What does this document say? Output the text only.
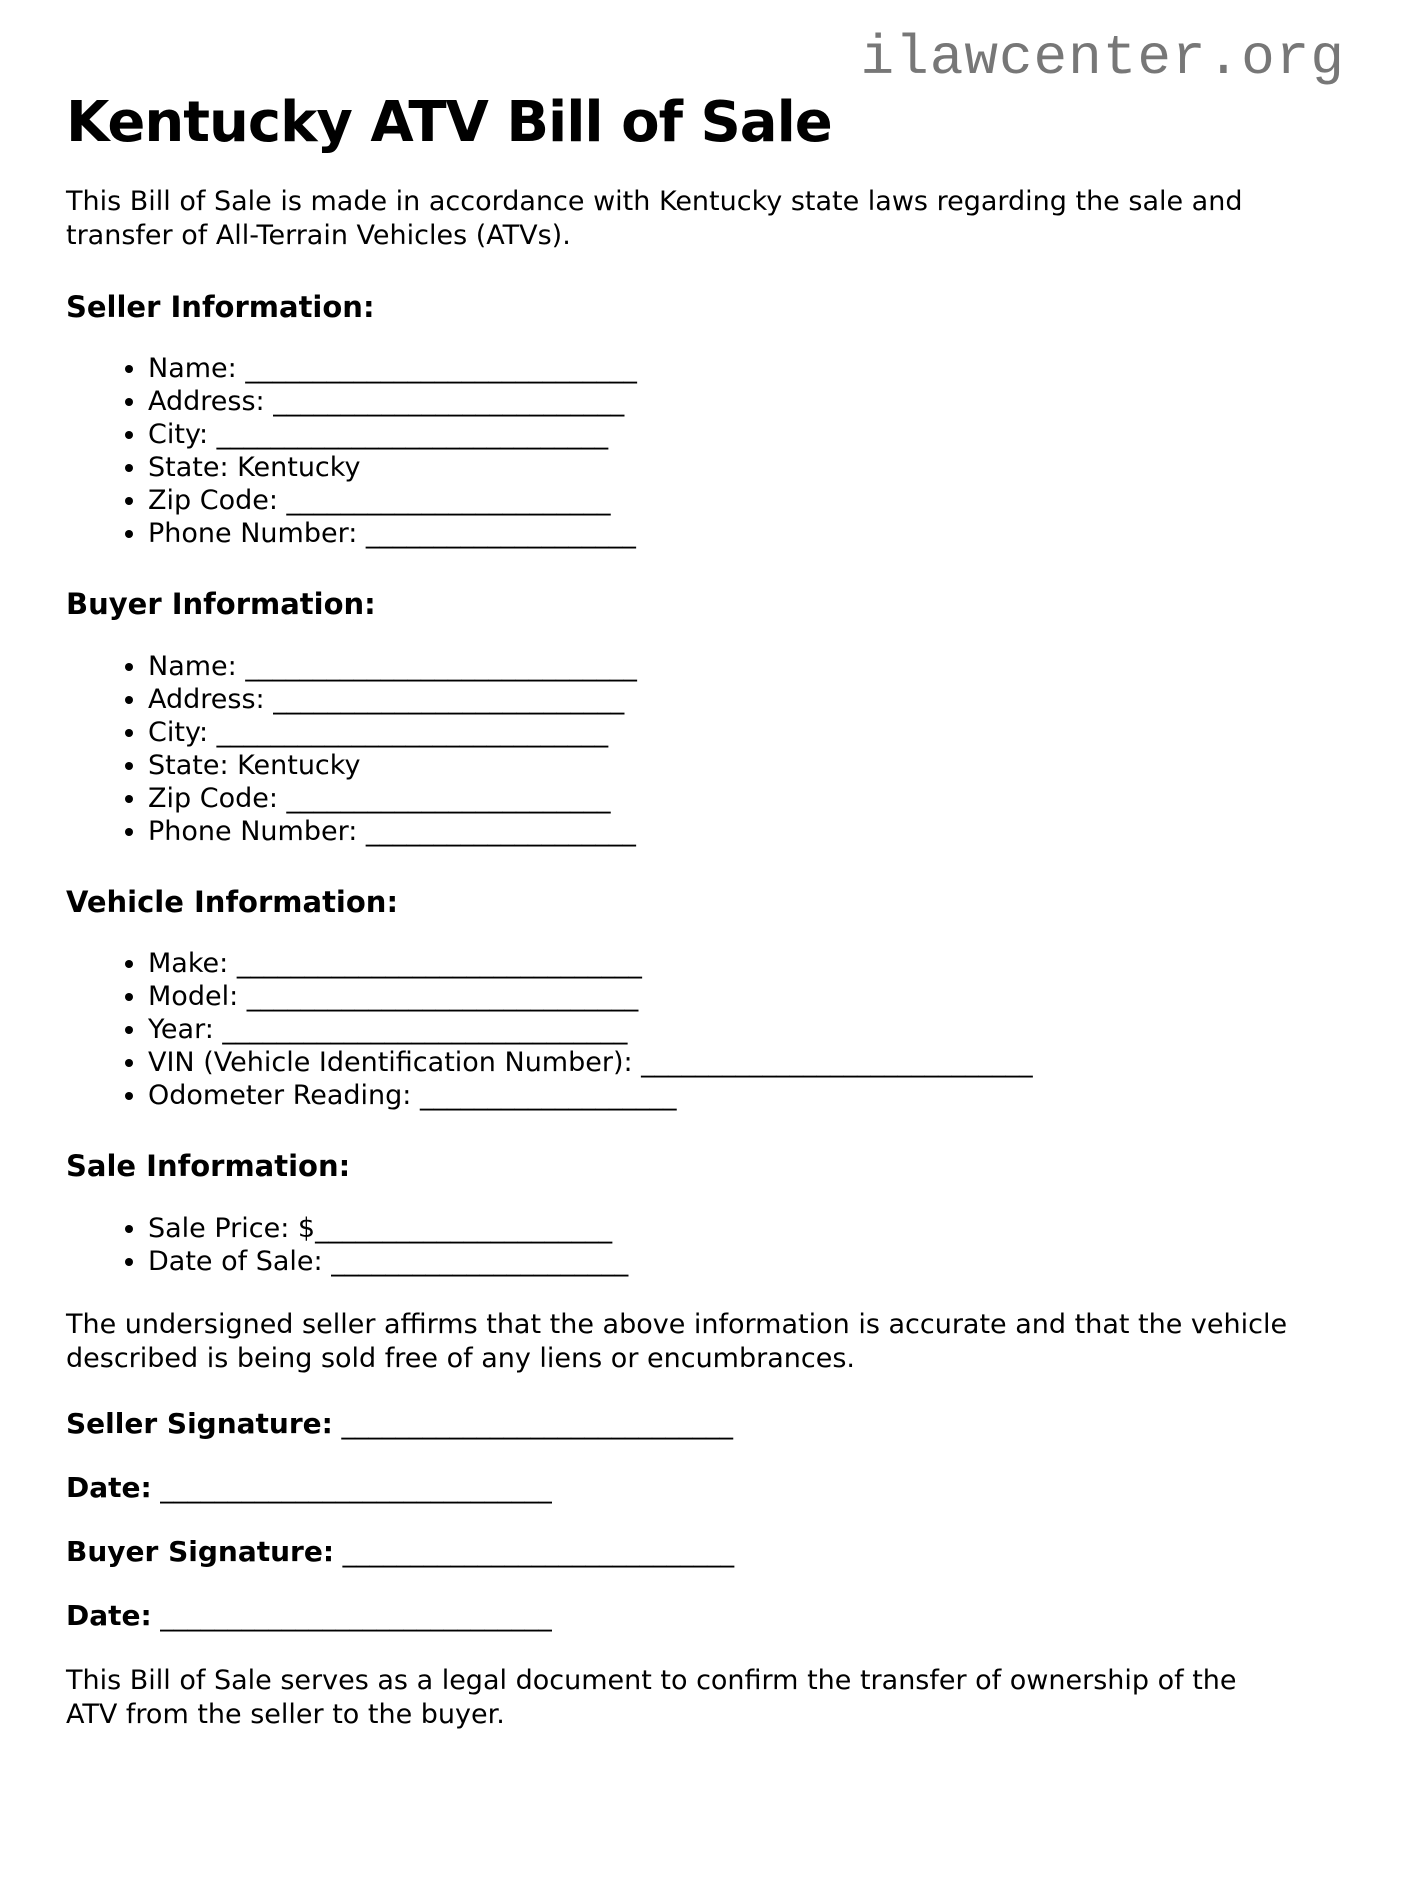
ilawcenter.org
Kentucky ATV Bill of Sale
This Bill of Sale is made in accordance with Kentucky state laws regarding the sale and
transfer of All-Terrain Vehicles (ATVs).

Seller Information:

• Name: _____________________________
• Address: __________________________
• City: _____________________________
• State: Kentucky
• Zip Code: ________________________
• Phone Number: ____________________

Buyer Information:

• Name: _____________________________
• Address: __________________________
• City: _____________________________
• State: Kentucky
• Zip Code: ________________________
• Phone Number: ____________________

Vehicle Information:

• Make: ______________________________
• Model: _____________________________
• Year: ______________________________
• VIN (Vehicle Identification Number): _____________________________
• Odometer Reading: ___________________

Sale Information:

• Sale Price: $______________________
• Date of Sale: ______________________
The undersigned seller affirms that the above information is accurate and that the vehicle
described is being sold free of any liens or encumbrances.

Seller Signature: _____________________________

Date: _____________________________

Buyer Signature: _____________________________

Date: _____________________________

This Bill of Sale serves as a legal document to confirm the transfer of ownership of the
ATV from the seller to the buyer.
